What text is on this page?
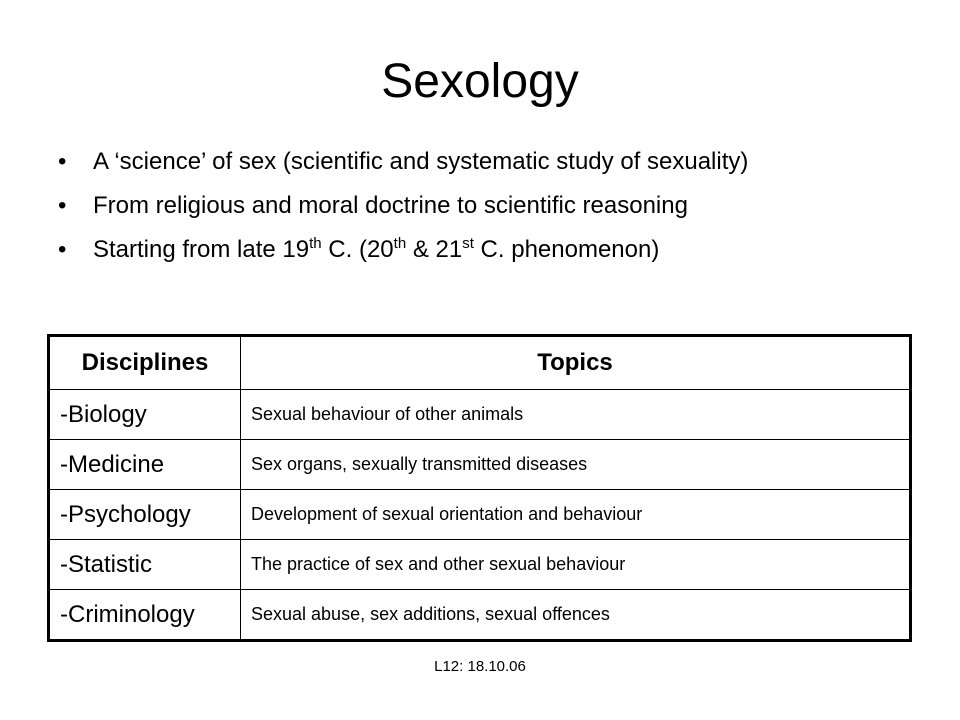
Sexology
• A ‘science’ of sex (scientific and systematic study of sexuality)
• From religious and moral doctrine to scientific reasoning
• Starting from late 19th C. (20th & 21st C. phenomenon)
Disciplines	Topics
-Biology	Sexual behaviour of other animals
-Medicine	Sex organs, sexually transmitted diseases
-Psychology	Development of sexual orientation and behaviour
-Statistic	The practice of sex and other sexual behaviour
-Criminology	Sexual abuse, sex additions, sexual offences
L12: 18.10.06
